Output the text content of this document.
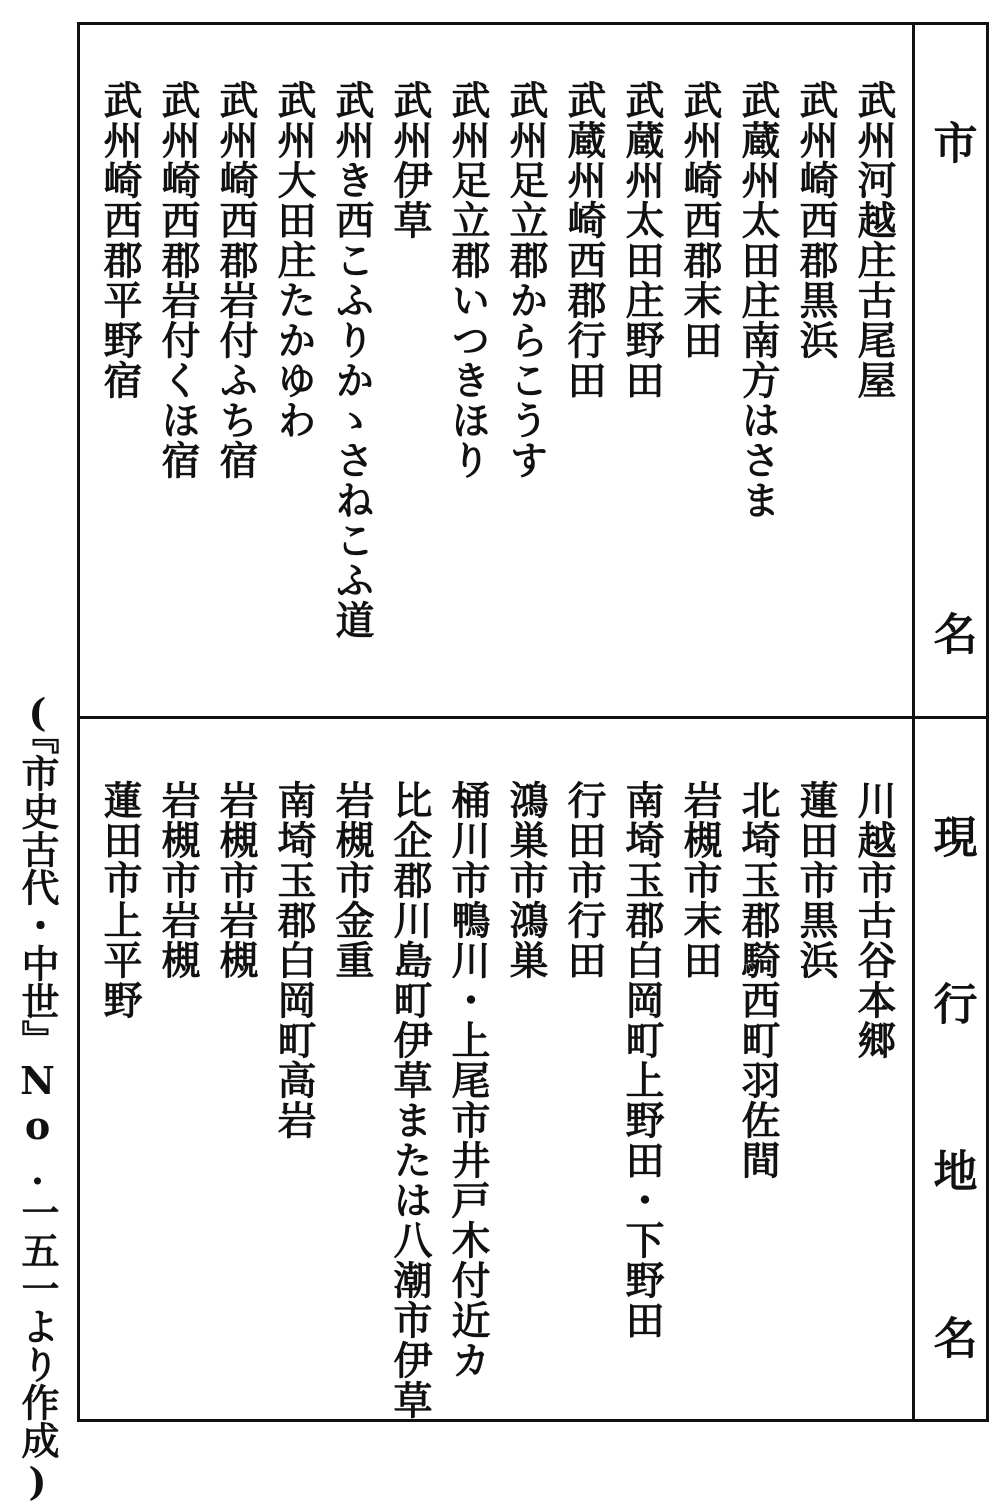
市
名
現
行
地
名
武州河越庄古尾屋
武州崎西郡黒浜
武蔵州太田庄南方はさま
武州崎西郡末田
武蔵州太田庄野田
武蔵州崎西郡行田
武州足立郡からこうす
武州足立郡いつきほり
武州伊草
武州き西こふりかゝさねこふ道
武州大田庄たかゆわ
武州崎西郡岩付ふち宿
武州崎西郡岩付くほ宿
武州崎西郡平野宿
川越市古谷本郷
蓮田市黒浜
北埼玉郡騎西町羽佐間
岩槻市末田
南埼玉郡白岡町上野田・下野田
行田市行田
鴻巣市鴻巣
桶川市鴨川・上尾市井戸木付近カ
比企郡川島町伊草または八潮市伊草
岩槻市金重
南埼玉郡白岡町高岩
岩槻市岩槻
岩槻市岩槻
蓮田市上平野
(『市史古代・中世』No.一五一より作成)
